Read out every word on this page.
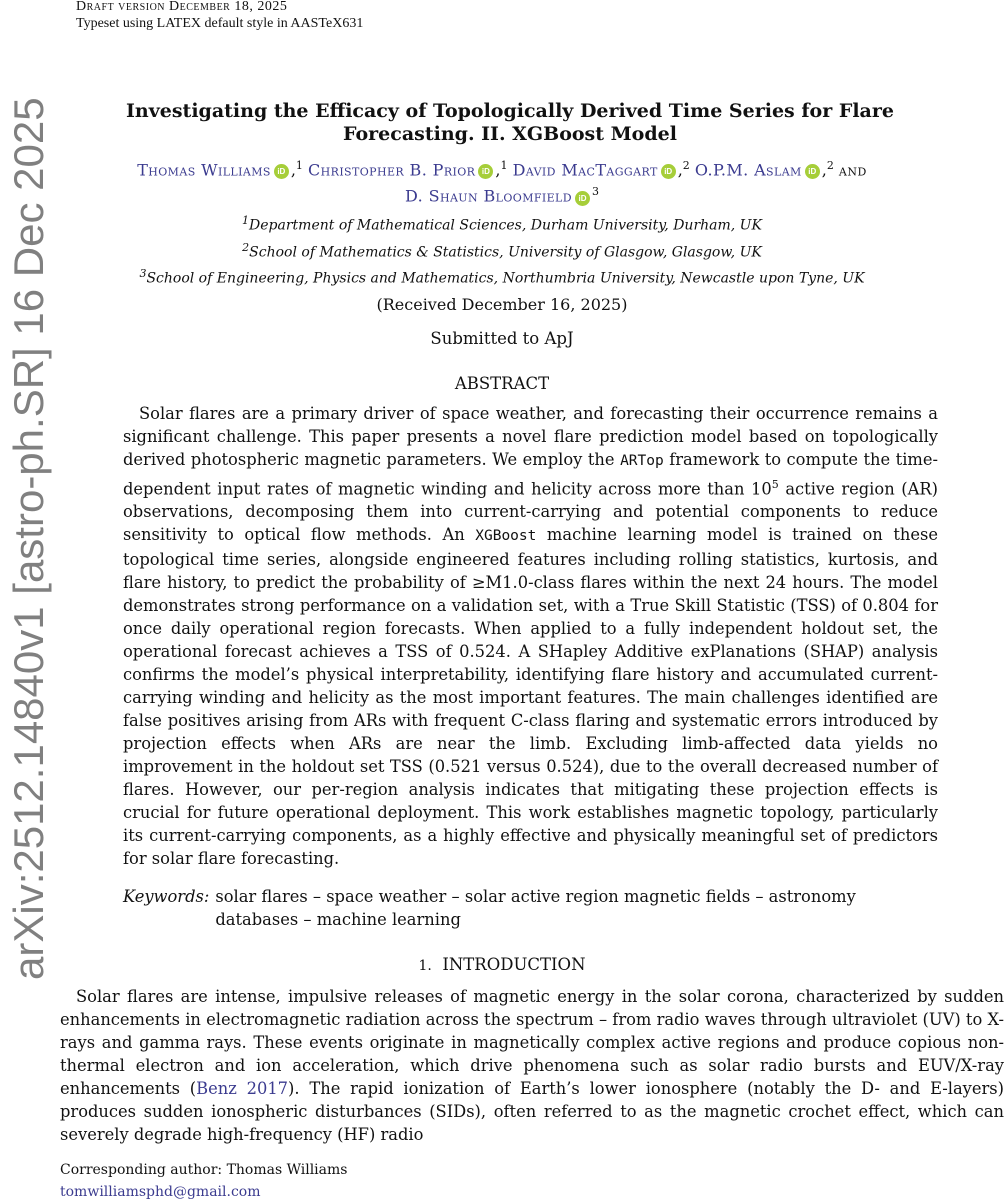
Draft version December 18, 2025
Typeset using LATEX default style in AASTeX631
arXiv:2512.14840v1 [astro-ph.SR] 16 Dec 2025	Investigating the Efficacy of Topologically Derived Time Series for Flare Forecasting. II. XGBoost Model
Thomas Williams iD ,$^1$ Christopher B. Prior iD ,$^1$ David MacTaggart iD ,$^2$ O.P.M. Aslam iD ,$^2$ and
D. Shaun Bloomfield iD $^3$
$^1$Department of Mathematical Sciences, Durham University, Durham, UK
$^2$School of Mathematics & Statistics, University of Glasgow, Glasgow, UK
$^3$School of Engineering, Physics and Mathematics, Northumbria University, Newcastle upon Tyne, UK
(Received December 16, 2025)
Submitted to ApJ
ABSTRACT

Solar flares are a primary driver of space weather, and forecasting their occurrence remains a significant challenge. This paper presents a novel flare prediction model based on topologically derived photospheric magnetic parameters. We employ the ARTop framework to compute the time-dependent input rates of magnetic winding and helicity across more than $10^5$ active region (AR) observations, decomposing them into current-carrying and potential components to reduce sensitivity to optical flow methods. An XGBoost machine learning model is trained on these topological time series, alongside engineered features including rolling statistics, kurtosis, and flare history, to predict the probability of ≥M1.0-class flares within the next 24 hours. The model demonstrates strong performance on a validation set, with a True Skill Statistic (TSS) of 0.804 for once daily operational region forecasts. When applied to a fully independent holdout set, the operational forecast achieves a TSS of 0.524. A SHapley Additive exPlanations (SHAP) analysis confirms the model’s physical interpretability, identifying flare history and accumulated current-carrying winding and helicity as the most important features. The main challenges identified are false positives arising from ARs with frequent C-class flaring and systematic errors introduced by projection effects when ARs are near the limb. Excluding limb-affected data yields no improvement in the holdout set TSS (0.521 versus 0.524), due to the overall decreased number of flares. However, our per-region analysis indicates that mitigating these projection effects is crucial for future operational deployment. This work establishes magnetic topology, particularly its current-carrying components, as a highly effective and physically meaningful set of predictors for solar flare forecasting.

Keywords: solar flares – space weather – solar active region magnetic fields – astronomy databases – machine learning
1. INTRODUCTION

Solar flares are intense, impulsive releases of magnetic energy in the solar corona, characterized by sudden enhancements in electromagnetic radiation across the spectrum – from radio waves through ultraviolet (UV) to X-rays and gamma rays. These events originate in magnetically complex active regions and produce copious non-thermal electron and ion acceleration, which drive phenomena such as solar radio bursts and EUV/X-ray enhancements (Benz 2017). The rapid ionization of Earth’s lower ionosphere (notably the D- and E-layers) produces sudden ionospheric disturbances (SIDs), often referred to as the magnetic crochet effect, which can severely degrade high-frequency (HF) radio

Corresponding author: Thomas Williams
tomwilliamsphd@gmail.com
